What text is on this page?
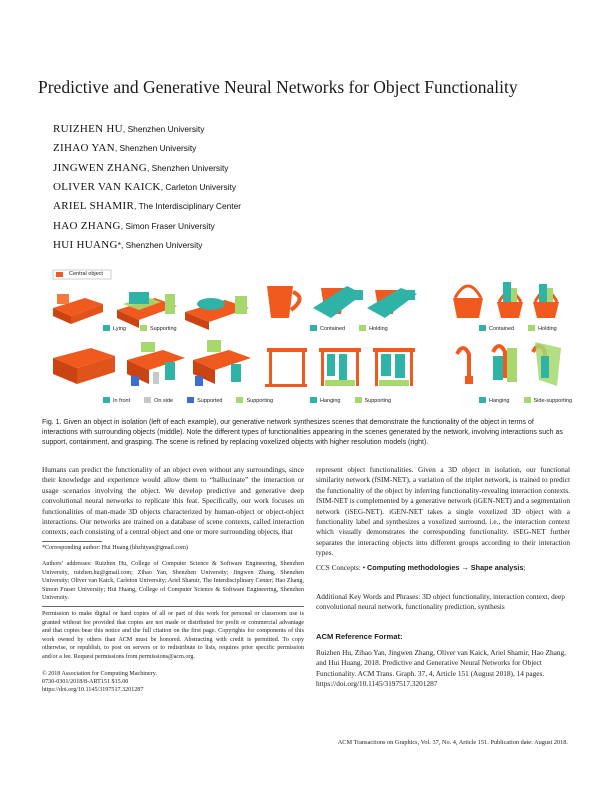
Predictive and Generative Neural Networks for Object Functionality
RUIZHEN HU, Shenzhen University
ZIHAO YAN, Shenzhen University
JINGWEN ZHANG, Shenzhen University
OLIVER VAN KAICK, Carleton University
ARIEL SHAMIR, The Interdisciplinary Center
HAO ZHANG, Simon Fraser University
HUI HUANG*, Shenzhen University
Central object
Lying	Supporting	Contained	Holding	Contained	Holding
In front	On side	Supported	Supporting	Hanging	Supporting	Hanging	Side-supporting
Fig. 1. Given an object in isolation (left of each example), our generative network synthesizes scenes that demonstrate the functionality of the object in terms of interactions with surrounding objects (middle). Note the different types of functionalities appearing in the scenes generated by the network, involving interactions such as support, containment, and grasping. The scene is refined by replacing voxelized objects with higher resolution models (right).
Humans can predict the functionality of an object even without any surroundings, since their knowledge and experience would allow them to “hallucinate” the interaction or usage scenarios involving the object. We develop predictive and generative deep convolutional neural networks to replicate this feat. Specifically, our work focuses on functionalities of man-made 3D objects characterized by human-object or object-object interactions. Our networks are trained on a database of scene contexts, called interaction contexts, each consisting of a central object and one or more surrounding objects, that
represent object functionalities. Given a 3D object in isolation, our functional similarity network (fSIM-NET), a variation of the triplet network, is trained to predict the functionality of the object by inferring functionality-revealing interaction contexts. fSIM-NET is complemented by a generative network (iGEN-NET) and a segmentation network (iSEG-NET). iGEN-NET takes a single voxelized 3D object with a functionality label and synthesizes a voxelized surround, i.e., the interaction context which visually demonstrates the corresponding functionality. iSEG-NET further separates the interacting objects into different groups according to their interaction types.
*Corresponding author: Hui Huang (hhzhiyan@gmail.com)
Authors’ addresses: Ruizhen Hu, College of Computer Science & Software Engineering, Shenzhen University, ruizhen.hu@gmail.com; Zihao Yan, Shenzhen University; Jingwen Zhang, Shenzhen University; Oliver van Kaick, Carleton University; Ariel Shamir, The Interdisciplinary Center; Hao Zhang, Simon Fraser University; Hui Huang, College of Computer Science & Software Engineering, Shenzhen University.
Permission to make digital or hard copies of all or part of this work for personal or classroom use is granted without fee provided that copies are not made or distributed for profit or commercial advantage and that copies bear this notice and the full citation on the first page. Copyrights for components of this work owned by others than ACM must be honored. Abstracting with credit is permitted. To copy otherwise, or republish, to post on servers or to redistribute to lists, requires prior specific permission and/or a fee. Request permissions from permissions@acm.org.
© 2018 Association for Computing Machinery.
0730-0301/2018/8-ART151 $15.00
https://doi.org/10.1145/3197517.3201287
CCS Concepts: • Computing methodologies → Shape analysis;
Additional Key Words and Phrases: 3D object functionality, interaction context, deep convolutional neural network, functionality prediction, synthesis
ACM Reference Format:
Ruizhen Hu, Zihao Yan, Jingwen Zhang, Oliver van Kaick, Ariel Shamir, Hao Zhang, and Hui Huang. 2018. Predictive and Generative Neural Networks for Object Functionality. ACM Trans. Graph. 37, 4, Article 151 (August 2018), 14 pages. https://doi.org/10.1145/3197517.3201287
ACM Transactions on Graphics, Vol. 37, No. 4, Article 151. Publication date: August 2018.
